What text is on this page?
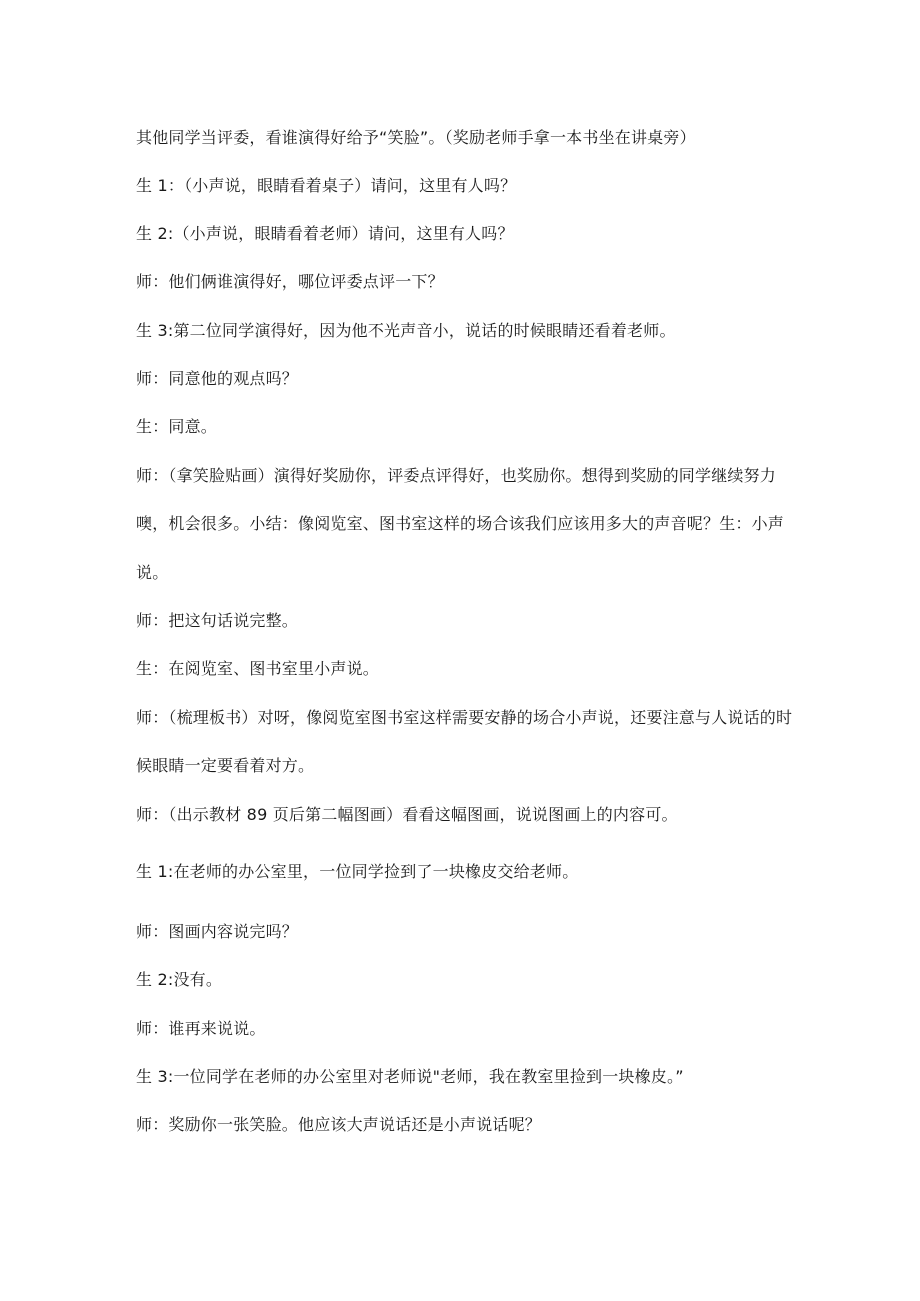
其他同学当评委，看谁演得好给予“笑脸”。（奖励老师手拿一本书坐在讲桌旁）

生 1：（小声说，眼睛看着桌子）请问，这里有人吗？

生 2:（小声说，眼睛看着老师）请问，这里有人吗？

师：他们俩谁演得好，哪位评委点评一下？

生 3:第二位同学演得好，因为他不光声音小，说话的时候眼睛还看着老师。

师：同意他的观点吗？

生：同意。

师：（拿笑脸贴画）演得好奖励你，评委点评得好，也奖励你。想得到奖励的同学继续努力

噢，机会很多。小结：像阅览室、图书室这样的场合该我们应该用多大的声音呢？生：小声

说。

师：把这句话说完整。

生：在阅览室、图书室里小声说。

师：（梳理板书）对呀，像阅览室图书室这样需要安静的场合小声说，还要注意与人说话的时

候眼睛一定要看着对方。

师：（出示教材 89 页后第二幅图画）看看这幅图画，说说图画上的内容可。

生 1:在老师的办公室里，一位同学捡到了一块橡皮交给老师。

师：图画内容说完吗？

生 2:没有。

师：谁再来说说。

生 3:一位同学在老师的办公室里对老师说"老师，我在教室里捡到一块橡皮。”

师：奖励你一张笑脸。他应该大声说话还是小声说话呢？
